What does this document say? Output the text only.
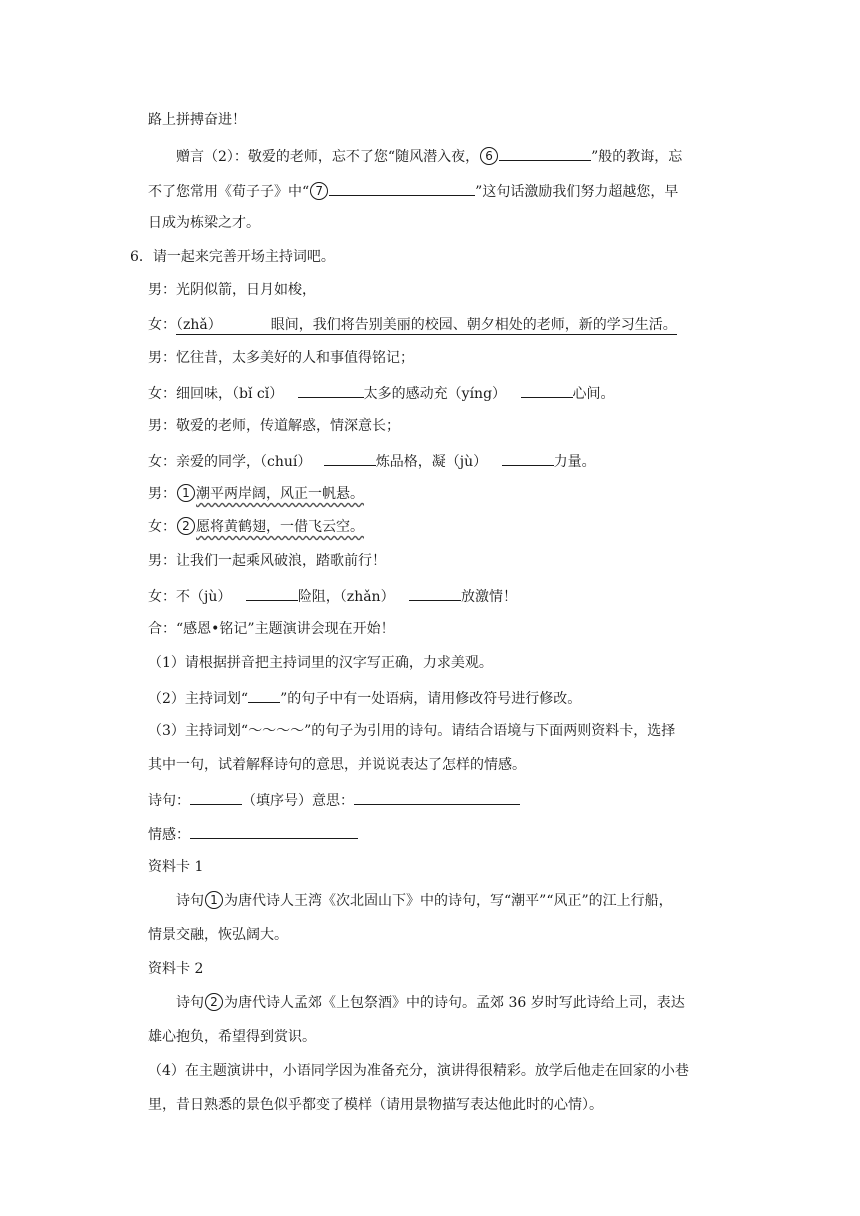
路上拼搏奋进！
赠言（2）：敬爱的老师，忘不了您“随风潜入夜， 6	”般的教诲，忘
不了您常用《荀子子》中“ 7	”这句话激励我们努力超越您，早
日成为栋梁之才。
6．请一起来完善开场主持词吧。
男：光阴似箭，日月如梭，
女：（zhǎ）           眼间，我们将告别美丽的校园、朝夕相处的老师，新的学习生活。
男：忆往昔，太多美好的人和事值得铭记；
女：细回味，（bǐ cǐ）	太多的感动充（yíng）	心间。
男：敬爱的老师，传道解惑，情深意长；
女：亲爱的同学，（chuí）	炼品格，凝（jù）	力量。
男： 1 潮平两岸阔，风正一帆悬。
女： 2 愿将黄鹤翅，一借飞云空。
男：让我们一起乘风破浪，踏歌前行！
女：不（jù）	险阻，（zhǎn）	放激情！
合：“感恩•铭记”主题演讲会现在开始！
（1）请根据拼音把主持词里的汉字写正确，力求美观。
（2）主持词划“ ”的句子中有一处语病，请用修改符号进行修改。
（3）主持词划“～～～～”的句子为引用的诗句。请结合语境与下面两则资料卡，选择
其中一句，试着解释诗句的意思，并说说表达了怎样的情感。
诗句：	（填序号）意思：
情感：
资料卡 1
诗句 1 为唐代诗人王湾《次北固山下》中的诗句，写“潮平”“风正”的江上行船，
情景交融，恢弘阔大。
资料卡 2
诗句 2 为唐代诗人孟郊《上包祭酒》中的诗句。孟郊 36 岁时写此诗给上司，表达
雄心抱负，希望得到赏识。
（4）在主题演讲中，小语同学因为准备充分，演讲得很精彩。放学后他走在回家的小巷
里，昔日熟悉的景色似乎都变了模样（请用景物描写表达他此时的心情）。
